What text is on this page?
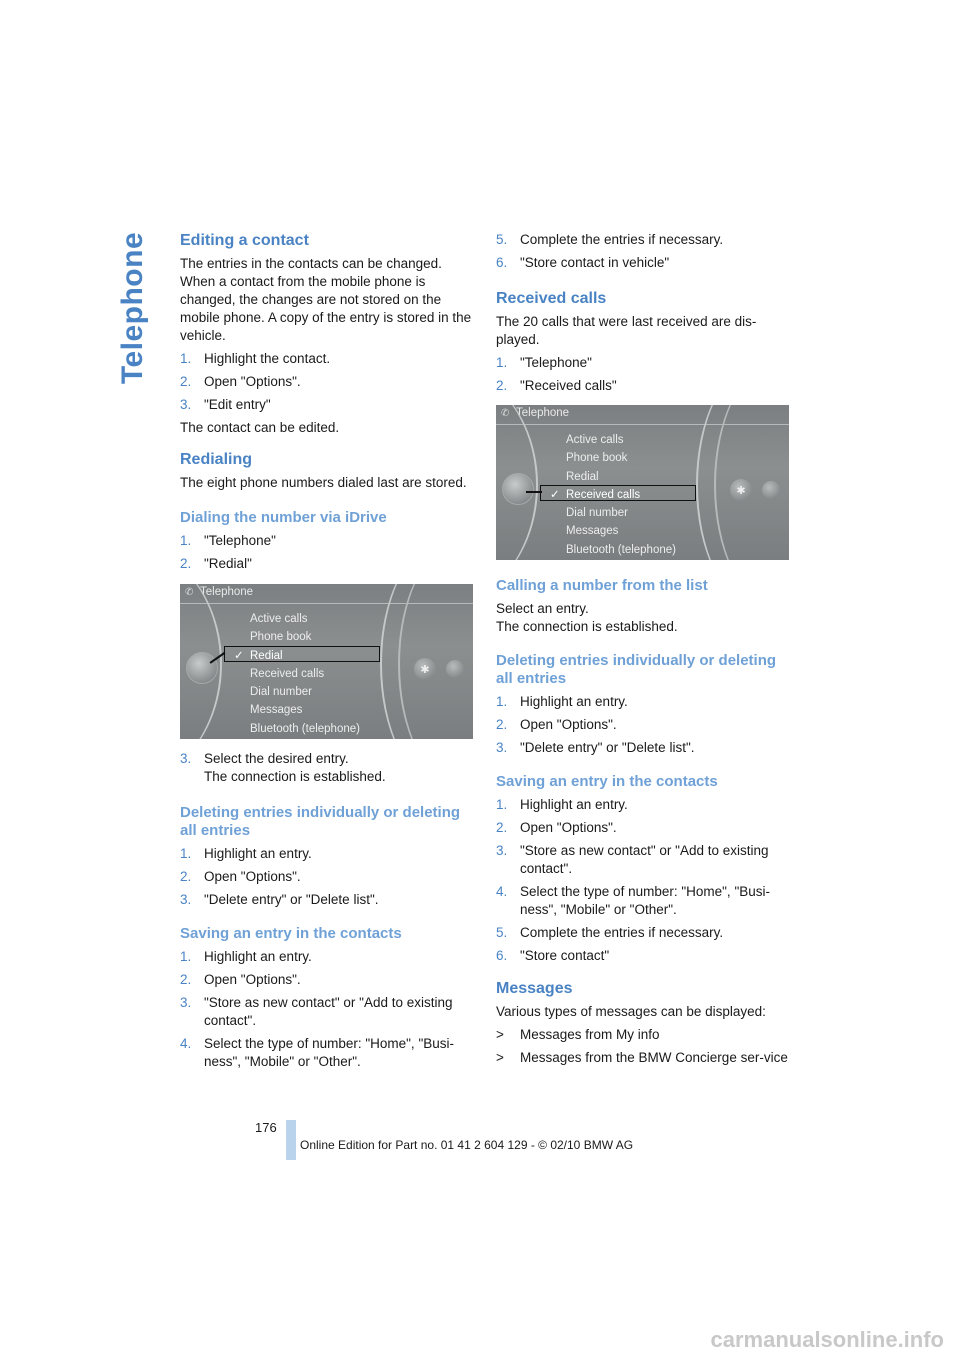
Telephone Editing a contact

The entries in the contacts can be changed. When a contact from the mobile phone is changed, the changes are not stored on the mobile phone. A copy of the entry is stored in the vehicle.

1. Highlight the contact.
2. Open "Options".
3. "Edit entry"

The contact can be edited.

Redialing

The eight phone numbers dialed last are stored.

Dialing the number via iDrive
1. "Telephone"
2. "Redial"
✆ Telephone
✱
Active calls
Phone book
✓ Redial
Received calls
Dial number
Messages
Bluetooth (telephone)
3. Select the desired entry.
The connection is established.
Deleting entries individually or deleting all entries
1. Highlight an entry.
2. Open "Options".
3. "Delete entry" or "Delete list".
Saving an entry in the contacts
1. Highlight an entry.
2. Open "Options".
3. "Store as new contact" or "Add to existing contact".
4. Select the type of number: "Home", "Busi-ness", "Mobile" or "Other".
5. Complete the entries if necessary.
6. "Store contact in vehicle"
Received calls

The 20 calls that were last received are dis-played.

1. "Telephone"
2. "Received calls"
✆ Telephone
✱
Active calls
Phone book
Redial
✓ Received calls
Dial number
Messages
Bluetooth (telephone)
Calling a number from the list

Select an entry.

The connection is established.

Deleting entries individually or deleting all entries
1. Highlight an entry.
2. Open "Options".
3. "Delete entry" or "Delete list".
Saving an entry in the contacts
1. Highlight an entry.
2. Open "Options".
3. "Store as new contact" or "Add to existing contact".
4. Select the type of number: "Home", "Busi-ness", "Mobile" or "Other".
5. Complete the entries if necessary.
6. "Store contact"
Messages

Various types of messages can be displayed:

>	Messages from My info
>	Messages from the BMW Concierge ser-vice
176
Online Edition for Part no. 01 41 2 604 129 - © 02/10 BMW AG
carmanualsonline.info
